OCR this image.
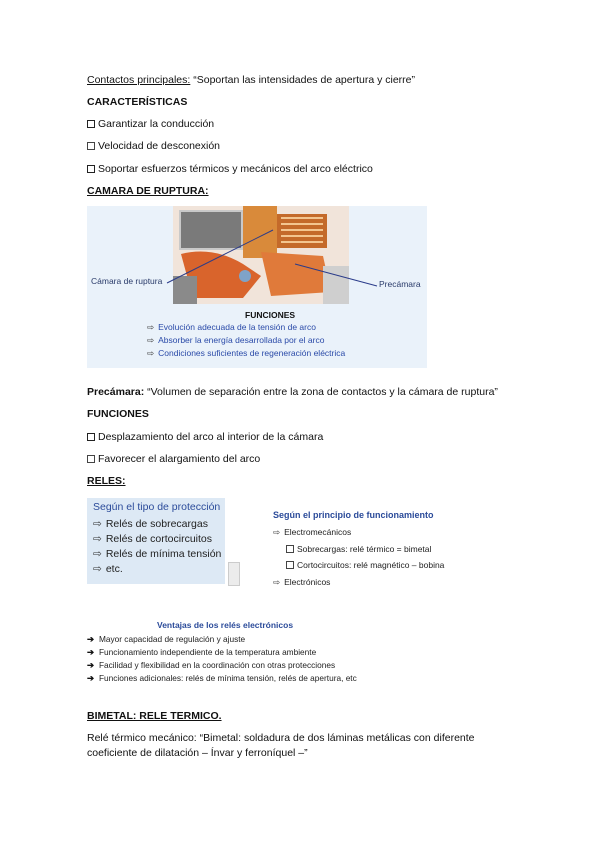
Contactos principales: “Soportan las intensidades de apertura y cierre”
CARACTERÍSTICAS
Garantizar la conducción
Velocidad de desconexión
Soportar esfuerzos térmicos y mecánicos del arco eléctrico
CAMARA DE RUPTURA:
Cámara de ruptura	Precámara
FUNCIONES
⇨ Evolución adecuada de la tensión de arco
⇨ Absorber la energía desarrollada por el arco
⇨ Condiciones suficientes de regeneración eléctrica
Precámara: “Volumen de separación entre la zona de contactos y la cámara de ruptura”
FUNCIONES
Desplazamiento del arco al interior de la cámara
Favorecer el alargamiento del arco
RELES:
Según el tipo de protección
⇨ Relés de sobrecargas
⇨ Relés de cortocircuitos
⇨ Relés de mínima tensión
⇨ etc.
Según el principio de funcionamiento
⇨ Electromecánicos
Sobrecargas: relé térmico = bimetal
Cortocircuitos: relé magnético – bobina
⇨ Electrónicos
Ventajas de los relés electrónicos
➔ Mayor capacidad de regulación y ajuste
➔ Funcionamiento independiente de la temperatura ambiente
➔ Facilidad y flexibilidad en la coordinación con otras protecciones
➔ Funciones adicionales: relés de mínima tensión, relés de apertura, etc
BIMETAL: RELE TERMICO.
Relé térmico mecánico: “Bimetal: soldadura de dos láminas metálicas con diferente
coeficiente de dilatación – Ínvar y ferroníquel –”
